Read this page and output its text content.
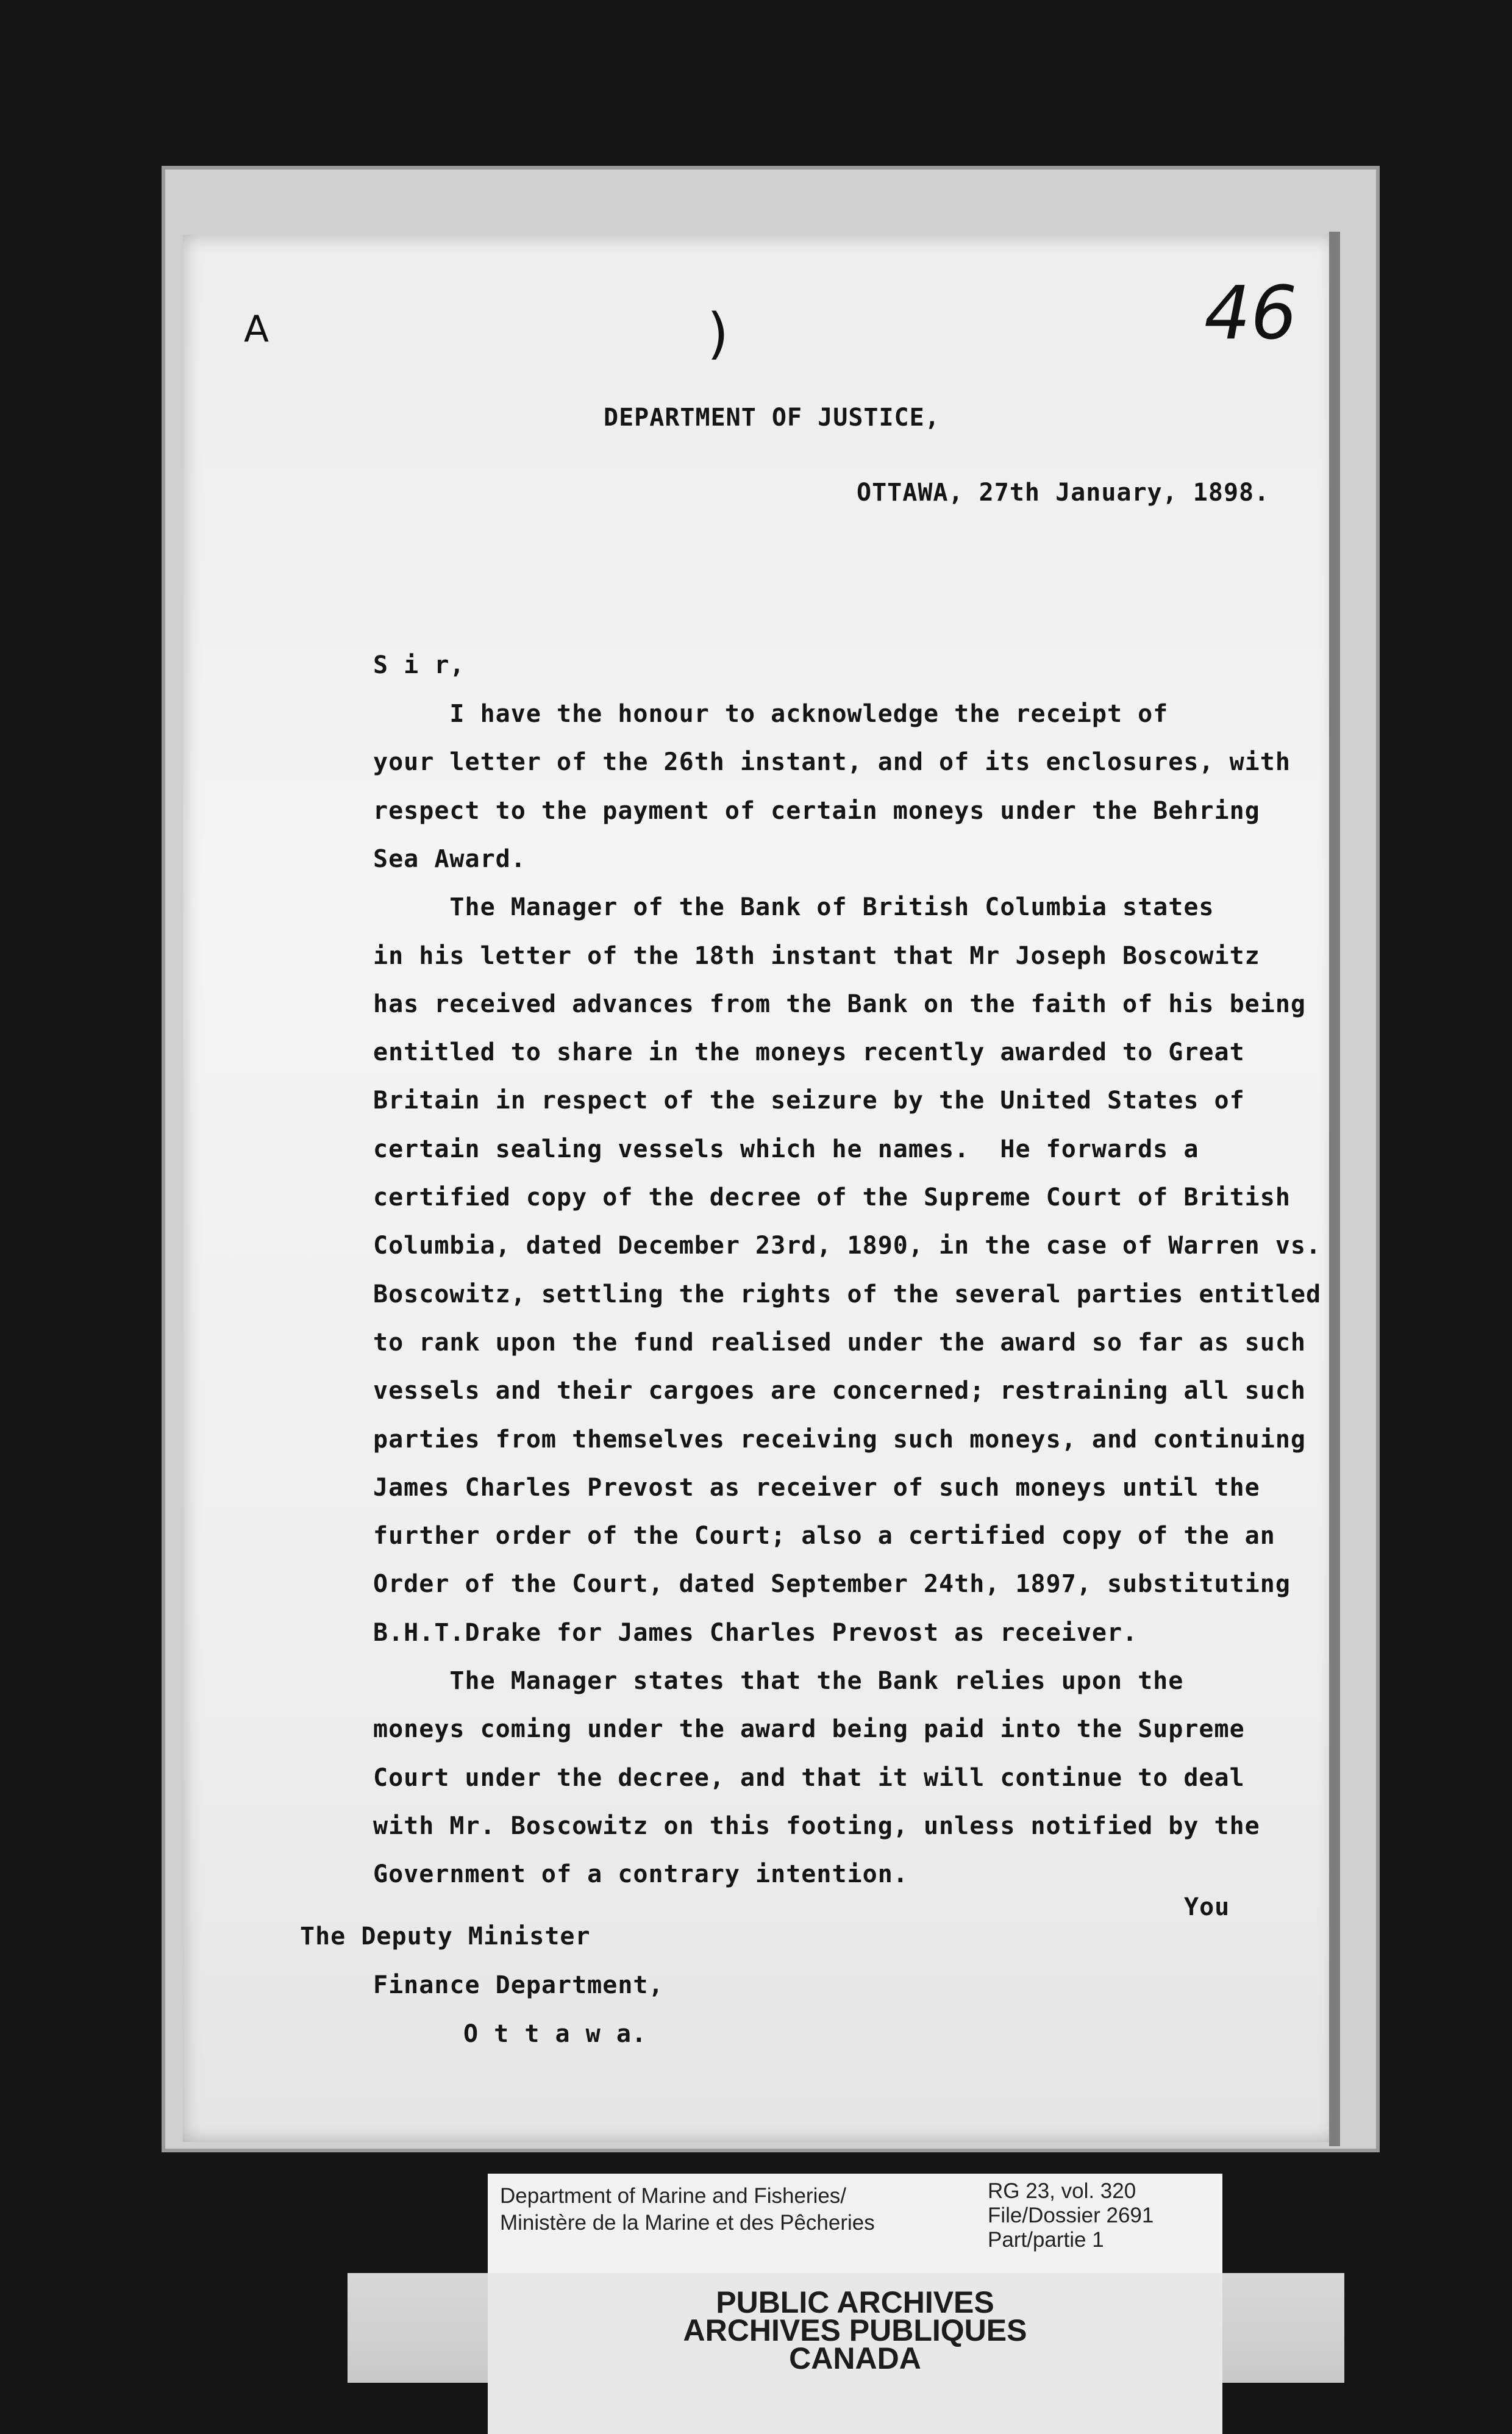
A	)	46
DEPARTMENT OF JUSTICE,
OTTAWA, 27th January, 1898.
S i r,
I have the honour to acknowledge the receipt of
your letter of the 26th instant, and of its enclosures, with
respect to the payment of certain moneys under the Behring
Sea Award.
The Manager of the Bank of British Columbia states
in his letter of the 18th instant that Mr Joseph Boscowitz
has received advances from the Bank on the faith of his being
entitled to share in the moneys recently awarded to Great
Britain in respect of the seizure by the United States of
certain sealing vessels which he names.  He forwards a
certified copy of the decree of the Supreme Court of British
Columbia, dated December 23rd, 1890, in the case of Warren vs.
Boscowitz, settling the rights of the several parties entitled
to rank upon the fund realised under the award so far as such
vessels and their cargoes are concerned; restraining all such
parties from themselves receiving such moneys, and continuing
James Charles Prevost as receiver of such moneys until the
further order of the Court; also a certified copy of the an
Order of the Court, dated September 24th, 1897, substituting
B.H.T.Drake for James Charles Prevost as receiver.
The Manager states that the Bank relies upon the
moneys coming under the award being paid into the Supreme
Court under the decree, and that it will continue to deal
with Mr. Boscowitz on this footing, unless notified by the
Government of a contrary intention.
You
The Deputy Minister
Finance Department,
O t t a w a.
Department of Marine and Fisheries/
Ministère de la Marine et des Pêcheries
RG 23, vol. 320
File/Dossier 2691
Part/partie 1
PUBLIC ARCHIVES
ARCHIVES PUBLIQUES
CANADA
